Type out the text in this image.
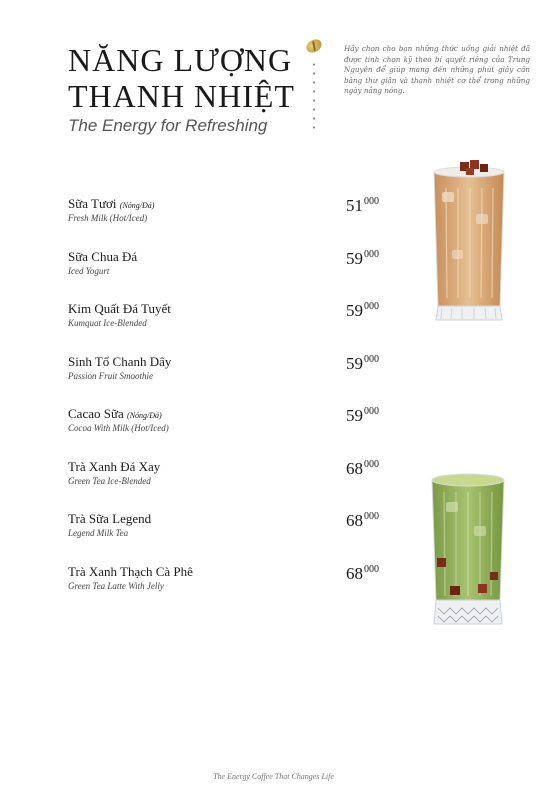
NĂNG LƯỢNG
THANH NHIỆT
The Energy for Refreshing
Hãy chọn cho bạn những thức uống giải nhiệt đã được tinh chọn kỹ theo bí quyết riêng của Trung Nguyên để giúp mang đến những phút giây cân bằng thư giãn và thanh nhiệt cơ thể trong những ngày nắng nóng.
Sữa Tươi (Nóng/Đá)
Fresh Milk (Hot/Iced)
$51^{000}$
Sữa Chua Đá
Iced Yogurt
$59^{000}$
Kim Quất Đá Tuyết
Kumquat Ice-Blended
$59^{000}$
Sinh Tố Chanh Dây
Passion Fruit Smoothie
$59^{000}$
Cacao Sữa (Nóng/Đá)
Cocoa With Milk (Hot/Iced)
$59^{000}$
Trà Xanh Đá Xay
Green Tea Ice-Blended
$68^{000}$
Trà Sữa Legend
Legend Milk Tea
$68^{000}$
Trà Xanh Thạch Cà Phê
Green Tea Latte With Jelly
$68^{000}$
The Energy Coffee That Changes Life
